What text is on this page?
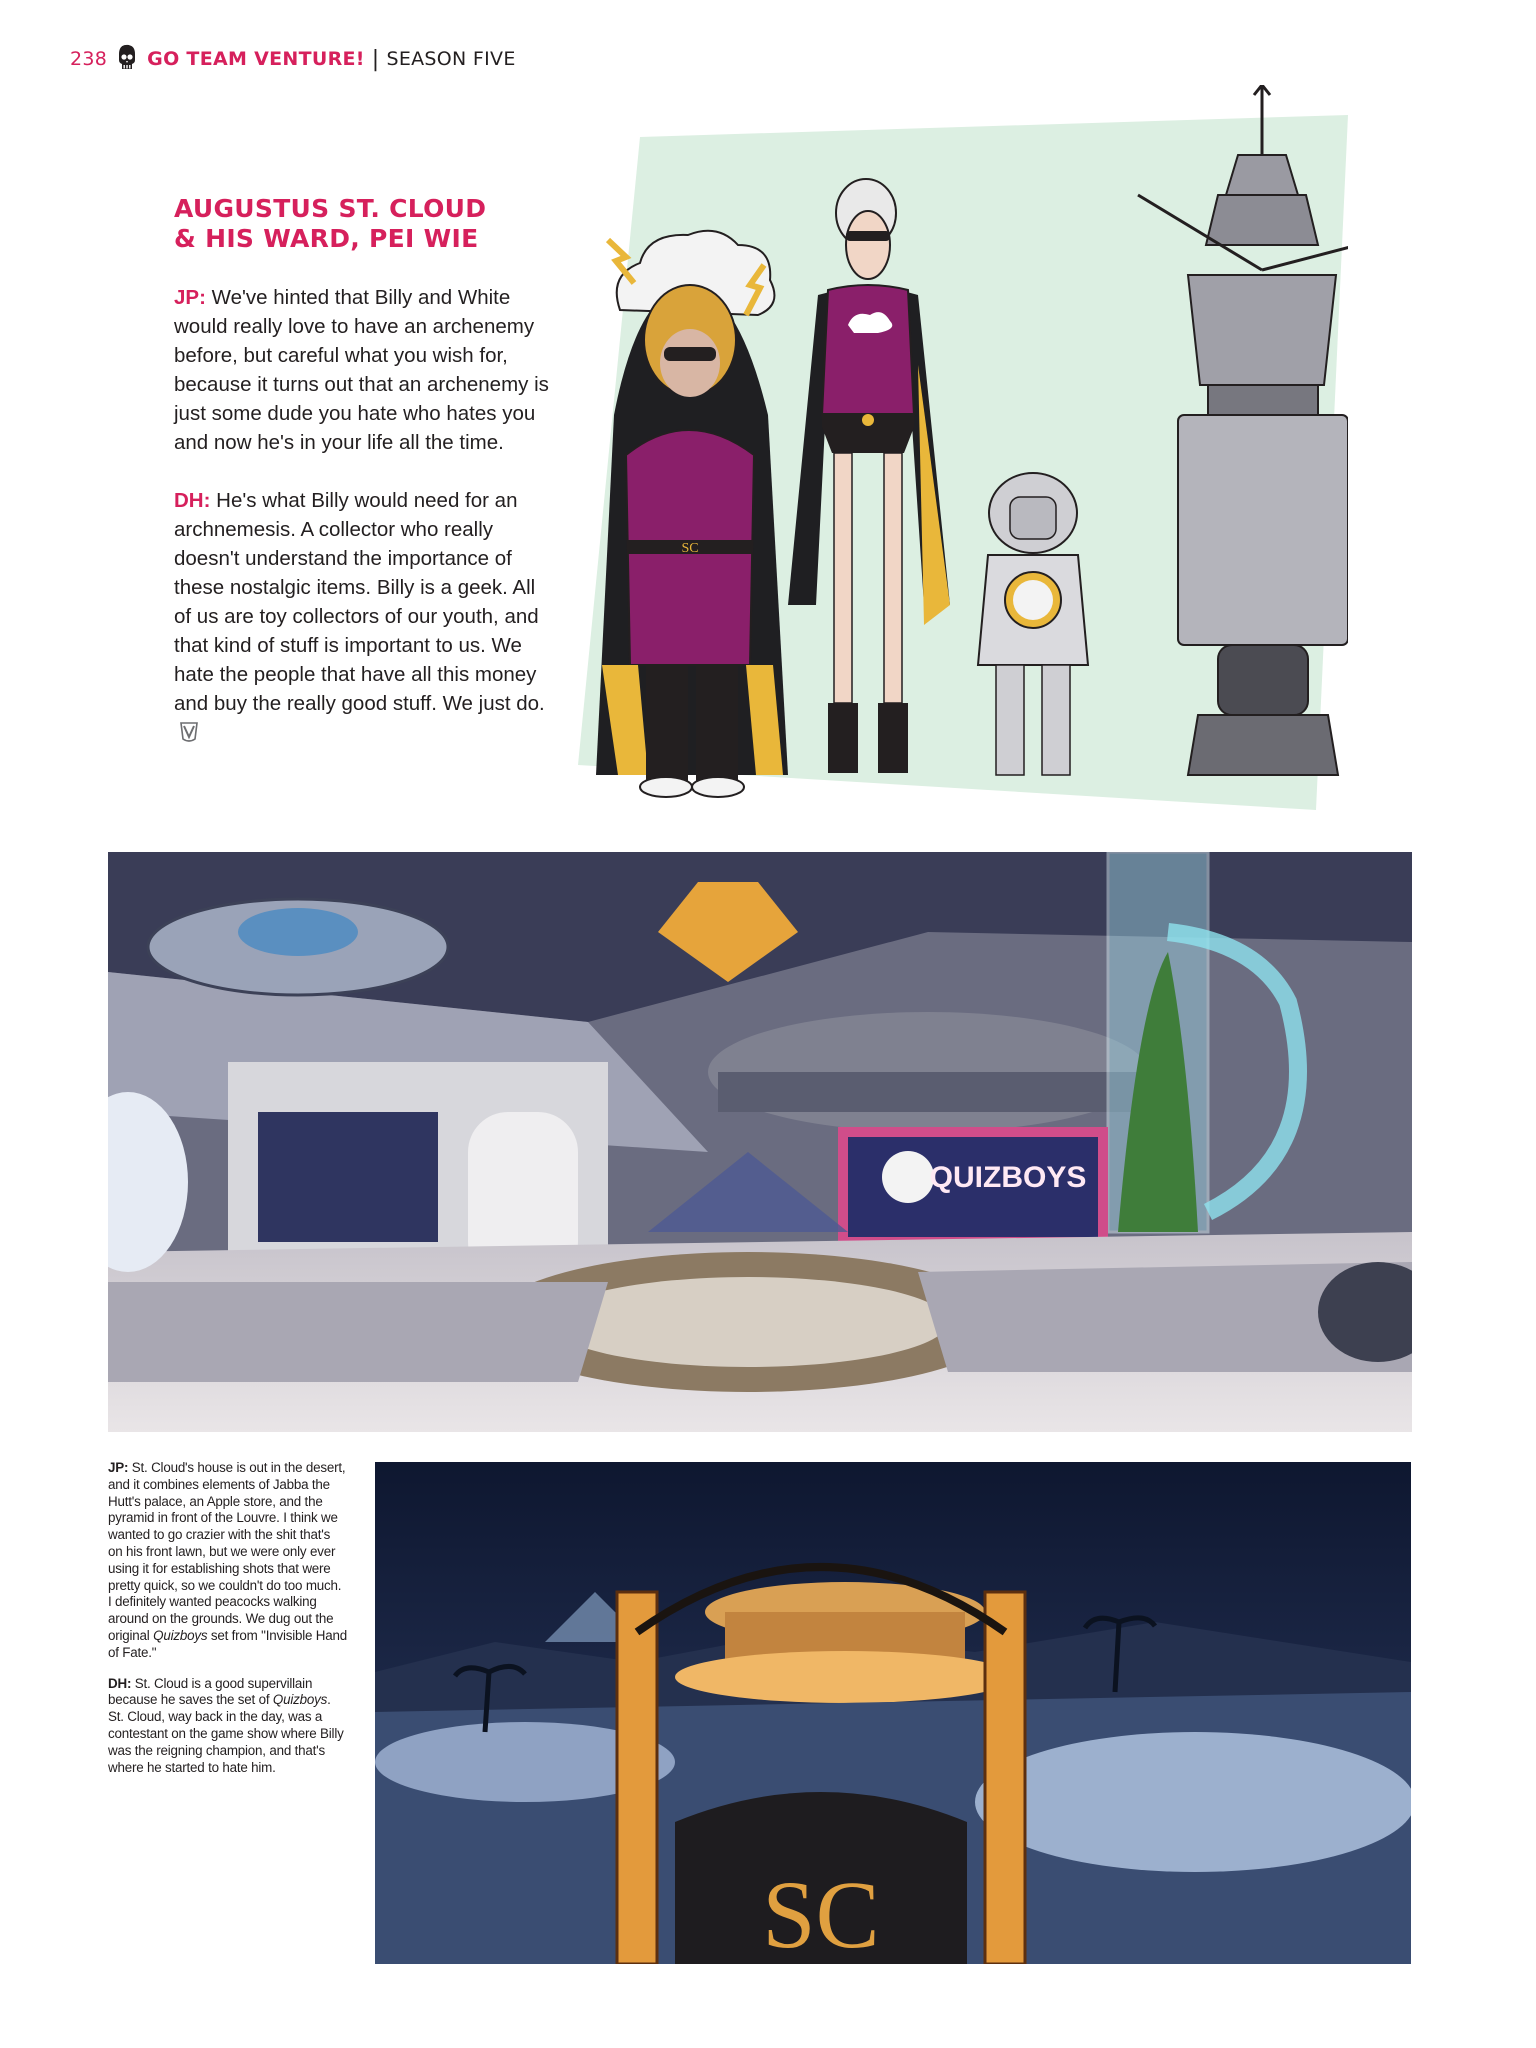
238 GO TEAM VENTURE! | SEASON FIVE
AUGUSTUS ST. CLOUD
& HIS WARD, PEI WIE

JP: We've hinted that Billy and White would really love to have an archenemy before, but careful what you wish for, because it turns out that an archenemy is just some dude you hate who hates you and now he's in your life all the time.

DH: He's what Billy would need for an archnemesis. A collector who really doesn't understand the importance of these nostalgic items. Billy is a geek. All of us are toy collectors of our youth, and that kind of stuff is important to us. We hate the people that have all this money and buy the really good stuff. We just do.

SC
QUIZBOYS

JP: St. Cloud's house is out in the desert, and it combines elements of Jabba the Hutt's palace, an Apple store, and the pyramid in front of the Louvre. I think we wanted to go crazier with the shit that's on his front lawn, but we were only ever using it for establishing shots that were pretty quick, so we couldn't do too much. I definitely wanted peacocks walking around on the grounds. We dug out the original Quizboys set from "Invisible Hand of Fate."

DH: St. Cloud is a good supervillain because he saves the set of Quizboys. St. Cloud, way back in the day, was a contestant on the game show where Billy was the reigning champion, and that's where he started to hate him.

SC
